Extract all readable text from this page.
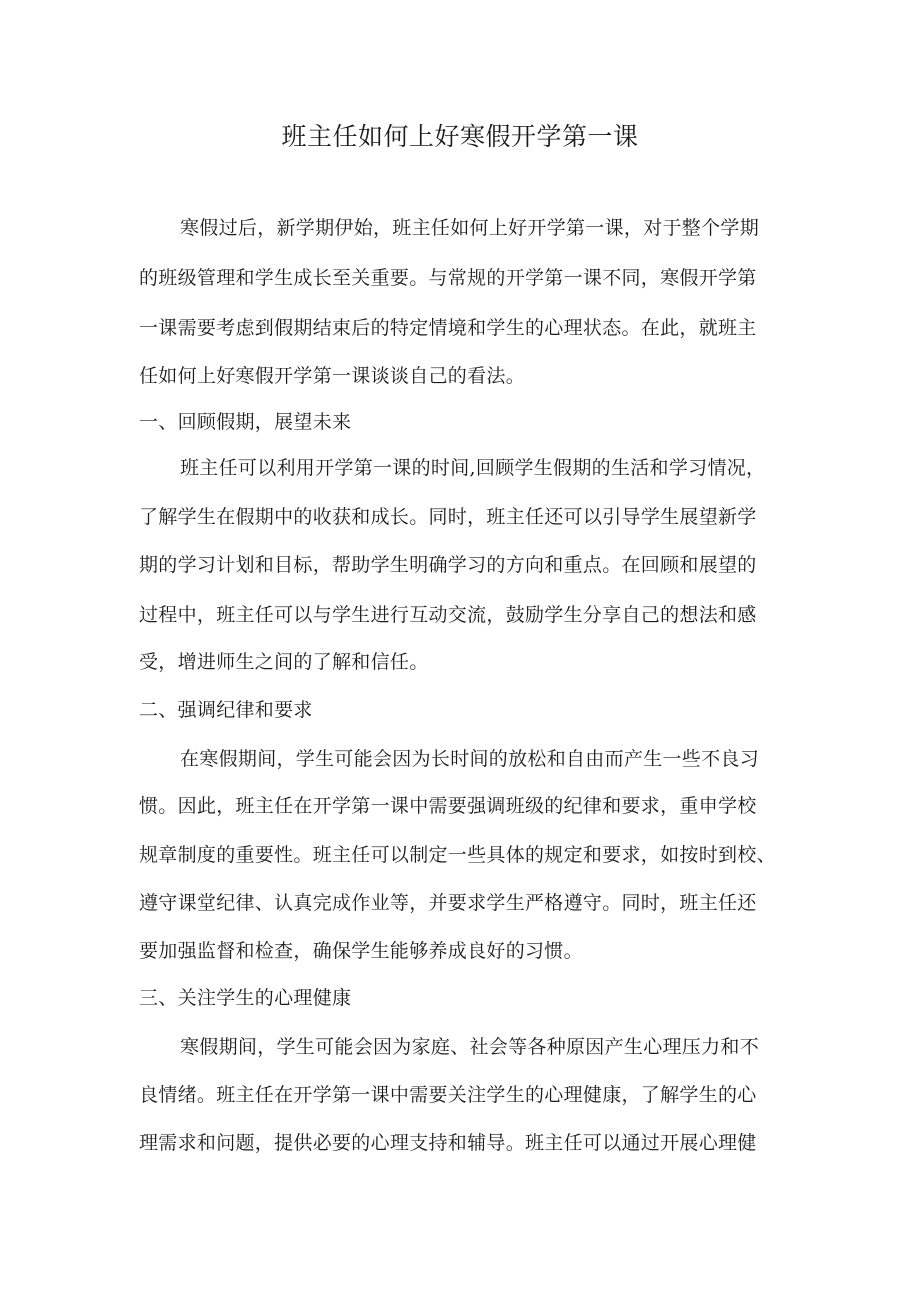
班主任如何上好寒假开学第一课

寒假过后，新学期伊始，班主任如何上好开学第一课，对于整个学期

的班级管理和学生成长至关重要。与常规的开学第一课不同，寒假开学第

一课需要考虑到假期结束后的特定情境和学生的心理状态。在此，就班主

任如何上好寒假开学第一课谈谈自己的看法。

一、回顾假期，展望未来

班主任可以利用开学第一课的时间,回顾学生假期的生活和学习情况，

了解学生在假期中的收获和成长。同时，班主任还可以引导学生展望新学

期的学习计划和目标，帮助学生明确学习的方向和重点。在回顾和展望的

过程中，班主任可以与学生进行互动交流，鼓励学生分享自己的想法和感

受，增进师生之间的了解和信任。

二、强调纪律和要求

在寒假期间，学生可能会因为长时间的放松和自由而产生一些不良习

惯。因此，班主任在开学第一课中需要强调班级的纪律和要求，重申学校

规章制度的重要性。班主任可以制定一些具体的规定和要求，如按时到校、

遵守课堂纪律、认真完成作业等，并要求学生严格遵守。同时，班主任还

要加强监督和检查，确保学生能够养成良好的习惯。

三、关注学生的心理健康

寒假期间，学生可能会因为家庭、社会等各种原因产生心理压力和不

良情绪。班主任在开学第一课中需要关注学生的心理健康，了解学生的心

理需求和问题，提供必要的心理支持和辅导。班主任可以通过开展心理健
